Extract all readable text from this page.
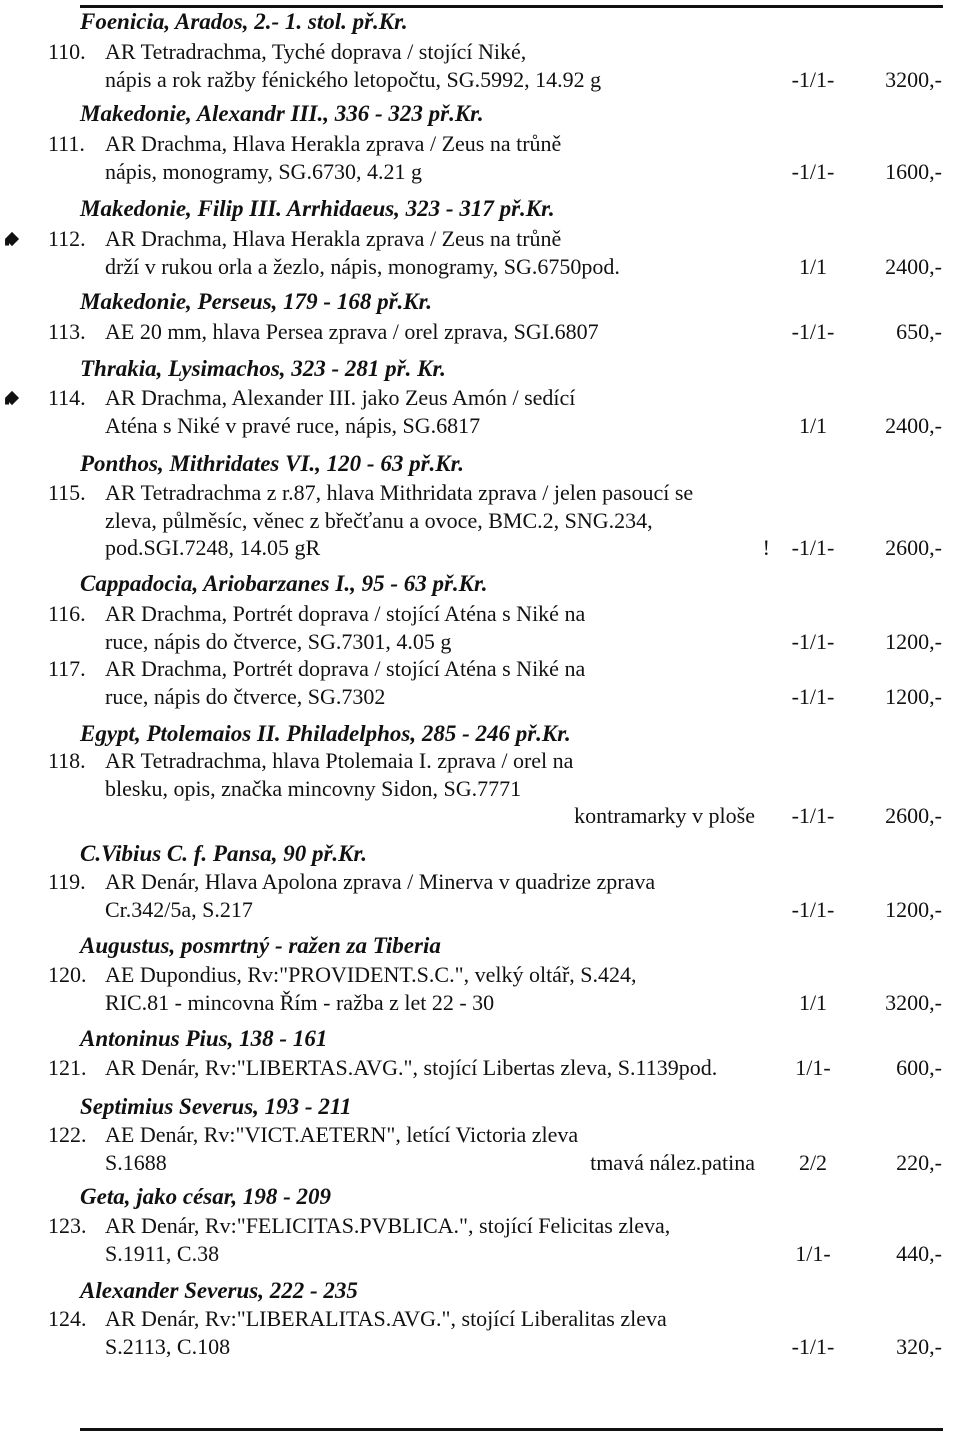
Foenicia, Arados, 2.- 1. stol. př.Kr.
110. AR Tetradrachma, Tyché doprava / stojící Niké,
nápis a rok ražby fénického letopočtu, SG.5992, 14.92 g	-1/1-	3200,-
Makedonie, Alexandr III., 336 - 323 př.Kr.
111. AR Drachma, Hlava Herakla zprava / Zeus na trůně
nápis, monogramy, SG.6730, 4.21 g	-1/1-	1600,-
Makedonie, Filip III. Arrhidaeus, 323 - 317 př.Kr.
112. AR Drachma, Hlava Herakla zprava / Zeus na trůně
drží v rukou orla a žezlo, nápis, monogramy, SG.6750pod.	1/1	2400,-
Makedonie, Perseus, 179 - 168 př.Kr.
113. AE 20 mm, hlava Persea zprava / orel zprava, SGI.6807	-1/1-	650,-
Thrakia, Lysimachos, 323 - 281 př. Kr.
114. AR Drachma, Alexander III. jako Zeus Amón / sedící
Aténa s Niké v pravé ruce, nápis, SG.6817	1/1	2400,-
Ponthos, Mithridates VI., 120 - 63 př.Kr.
115. AR Tetradrachma z r.87, hlava Mithridata zprava / jelen pasoucí se
zleva, půlměsíc, věnec z břečťanu a ovoce, BMC.2, SNG.234,
pod.SGI.7248, 14.05 gR	! -1/1-	2600,-
Cappadocia, Ariobarzanes I., 95 - 63 př.Kr.
116. AR Drachma, Portrét doprava / stojící Aténa s Niké na
ruce, nápis do čtverce, SG.7301, 4.05 g	-1/1-	1200,-
117. AR Drachma, Portrét doprava / stojící Aténa s Niké na
ruce, nápis do čtverce, SG.7302	-1/1-	1200,-
Egypt, Ptolemaios II. Philadelphos, 285 - 246 př.Kr.
118. AR Tetradrachma, hlava Ptolemaia I. zprava / orel na
blesku, opis, značka mincovny Sidon, SG.7771
kontramarky v ploše	-1/1-	2600,-
C.Vibius C. f. Pansa, 90 př.Kr.
119. AR Denár, Hlava Apolona zprava / Minerva v quadrize zprava
Cr.342/5a, S.217	-1/1-	1200,-
Augustus, posmrtný - ražen za Tiberia
120. AE Dupondius, Rv:"PROVIDENT.S.C.", velký oltář, S.424,
RIC.81 - mincovna Řím - ražba z let 22 - 30	1/1	3200,-
Antoninus Pius, 138 - 161
121. AR Denár, Rv:"LIBERTAS.AVG.", stojící Libertas zleva, S.1139pod.	1/1-	600,-
Septimius Severus, 193 - 211
122. AE Denár, Rv:"VICT.AETERN", letící Victoria zleva
S.1688	tmavá nález.patina	2/2	220,-
Geta, jako césar, 198 - 209
123. AR Denár, Rv:"FELICITAS.PVBLICA.", stojící Felicitas zleva,
S.1911, C.38	1/1-	440,-
Alexander Severus, 222 - 235
124. AR Denár, Rv:"LIBERALITAS.AVG.", stojící Liberalitas zleva
S.2113, C.108	-1/1-	320,-
